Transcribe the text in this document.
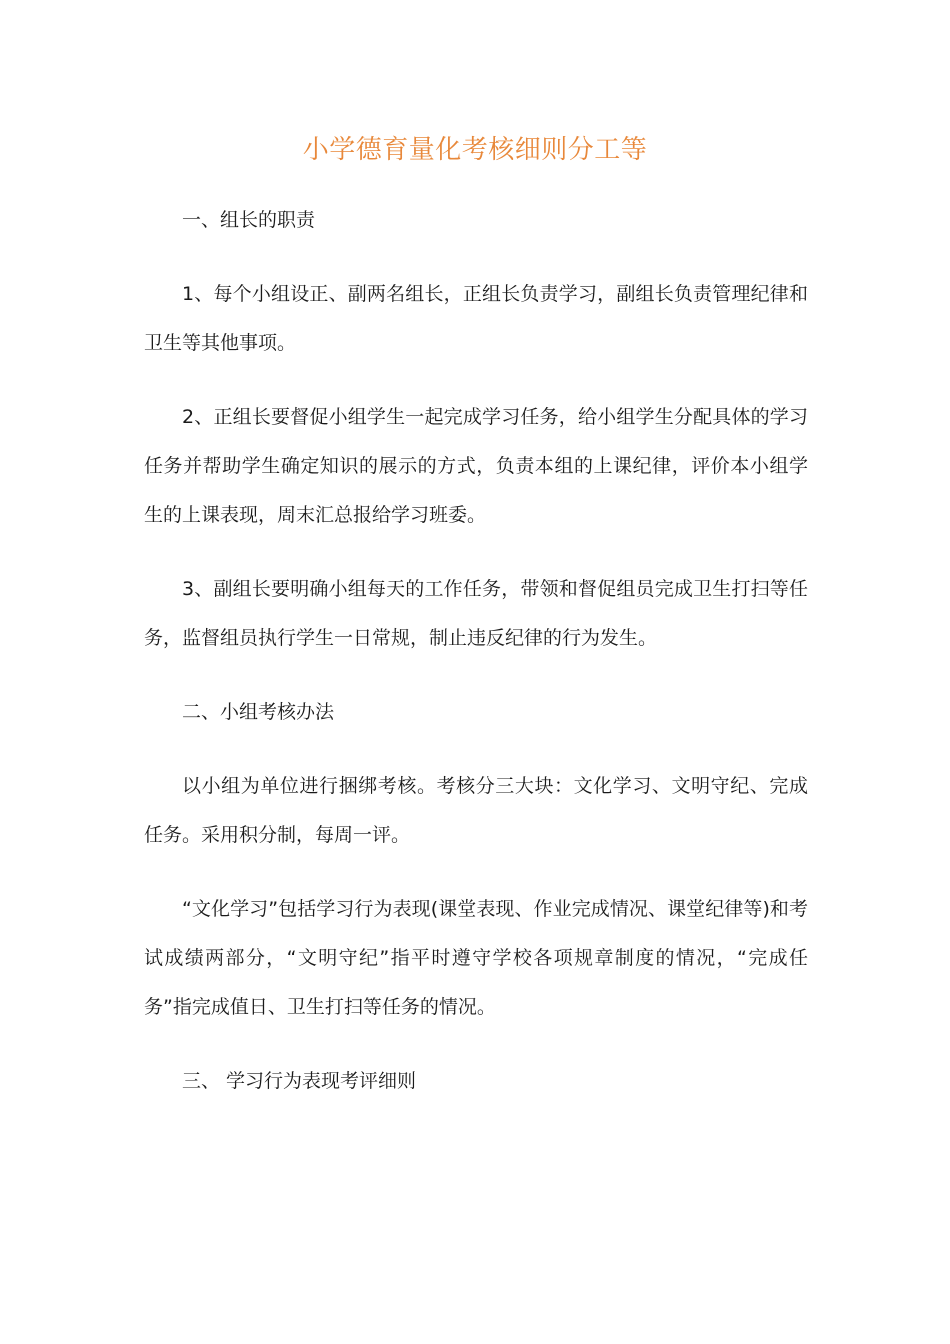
小学德育量化考核细则分工等

一、组长的职责

1、每个小组设正、副两名组长，正组长负责学习，副组长负责管理纪律和卫生等其他事项。

2、正组长要督促小组学生一起完成学习任务，给小组学生分配具体的学习任务并帮助学生确定知识的展示的方式，负责本组的上课纪律，评价本小组学生的上课表现，周末汇总报给学习班委。

3、副组长要明确小组每天的工作任务，带领和督促组员完成卫生打扫等任务，监督组员执行学生一日常规，制止违反纪律的行为发生。

二、小组考核办法

以小组为单位进行捆绑考核。考核分三大块：文化学习、文明守纪、完成任务。采用积分制，每周一评。

“文化学习”包括学习行为表现(课堂表现、作业完成情况、课堂纪律等)和考试成绩两部分，“文明守纪”指平时遵守学校各项规章制度的情况，“完成任务”指完成值日、卫生打扫等任务的情况。

三、 学习行为表现考评细则
